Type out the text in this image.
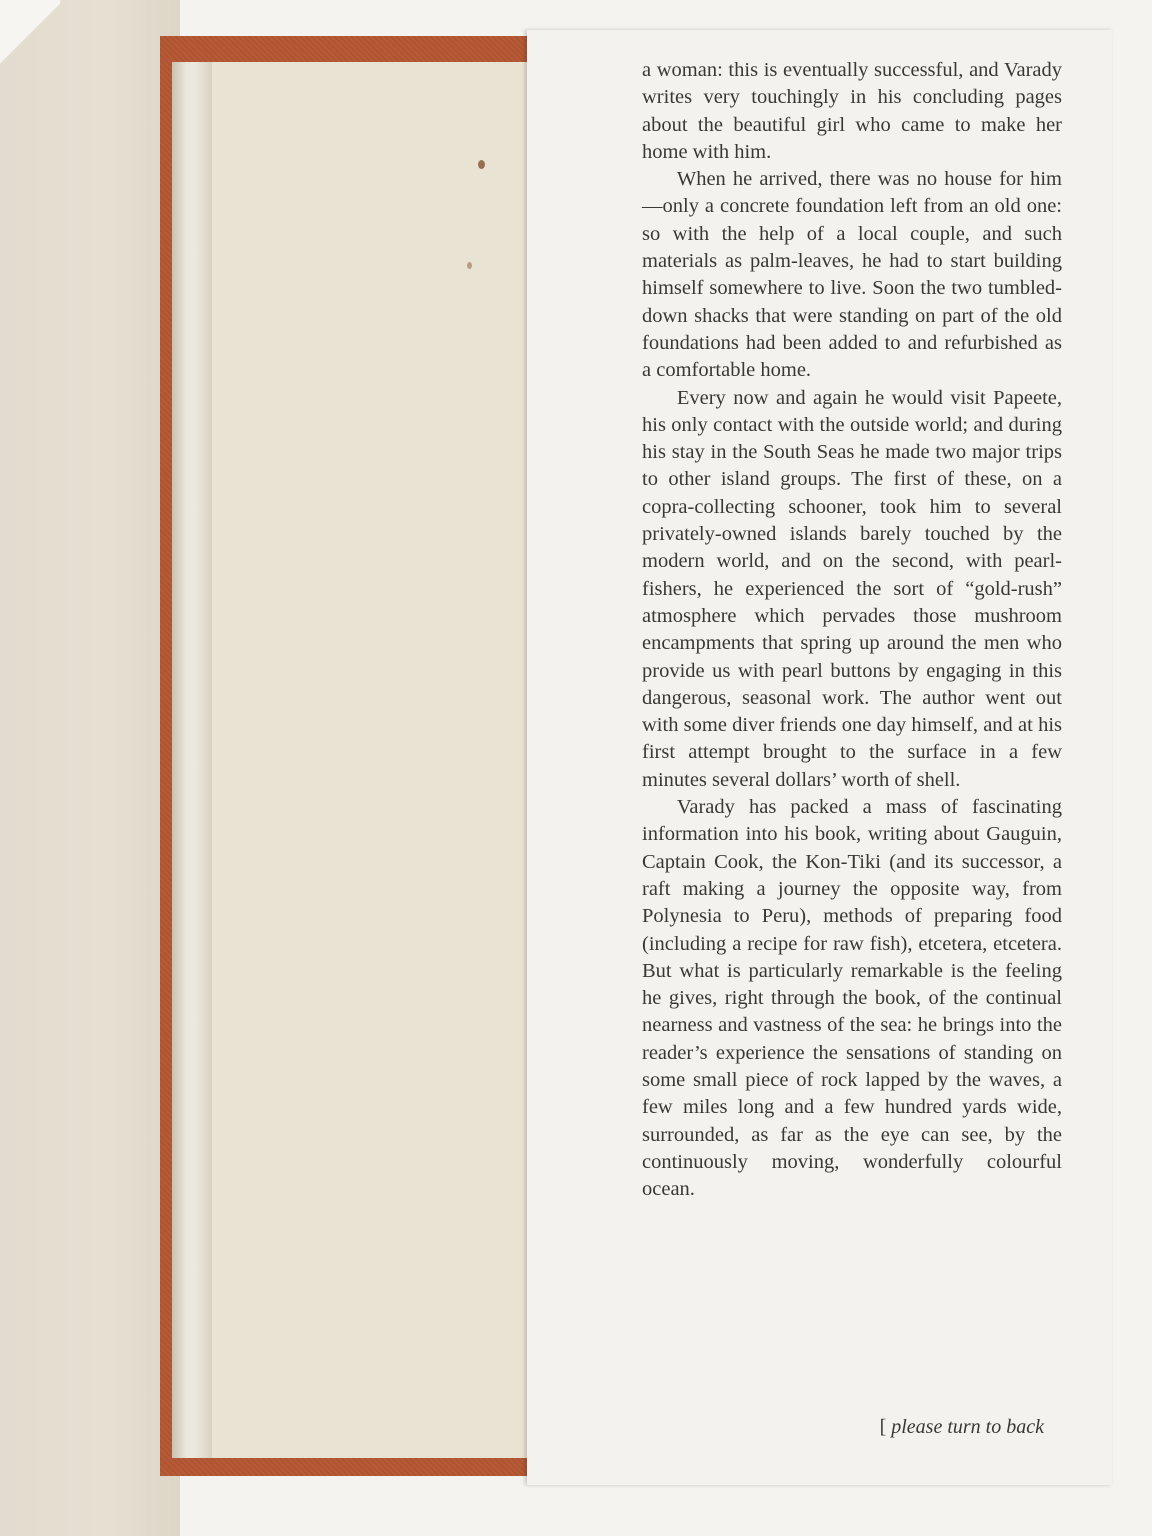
a woman: this is eventually successful, and Varady writes very touchingly in his concluding pages about the beautiful girl who came to make her home with him.

When he arrived, there was no house for him—only a concrete foundation left from an old one: so with the help of a local couple, and such materials as palm-leaves, he had to start building himself somewhere to live. Soon the two tumbled-down shacks that were standing on part of the old foundations had been added to and refurbished as a comfortable home.

Every now and again he would visit Papeete, his only contact with the outside world; and during his stay in the South Seas he made two major trips to other island groups. The first of these, on a copra-collecting schooner, took him to several privately-owned islands barely touched by the modern world, and on the second, with pearl-fishers, he experienced the sort of “gold-rush” atmosphere which pervades those mushroom encampments that spring up around the men who provide us with pearl buttons by engaging in this dangerous, seasonal work. The author went out with some diver friends one day himself, and at his first attempt brought to the surface in a few minutes several dollars’ worth of shell.

Varady has packed a mass of fascinating information into his book, writing about Gauguin, Captain Cook, the Kon-Tiki (and its successor, a raft making a journey the opposite way, from Polynesia to Peru), methods of preparing food (including a recipe for raw fish), etcetera, etcetera. But what is particularly remarkable is the feeling he gives, right through the book, of the continual nearness and vastness of the sea: he brings into the reader’s experience the sensations of standing on some small piece of rock lapped by the waves, a few miles long and a few hundred yards wide, surrounded, as far as the eye can see, by the continuously moving, wonderfully colourful ocean.

[ please turn to back
